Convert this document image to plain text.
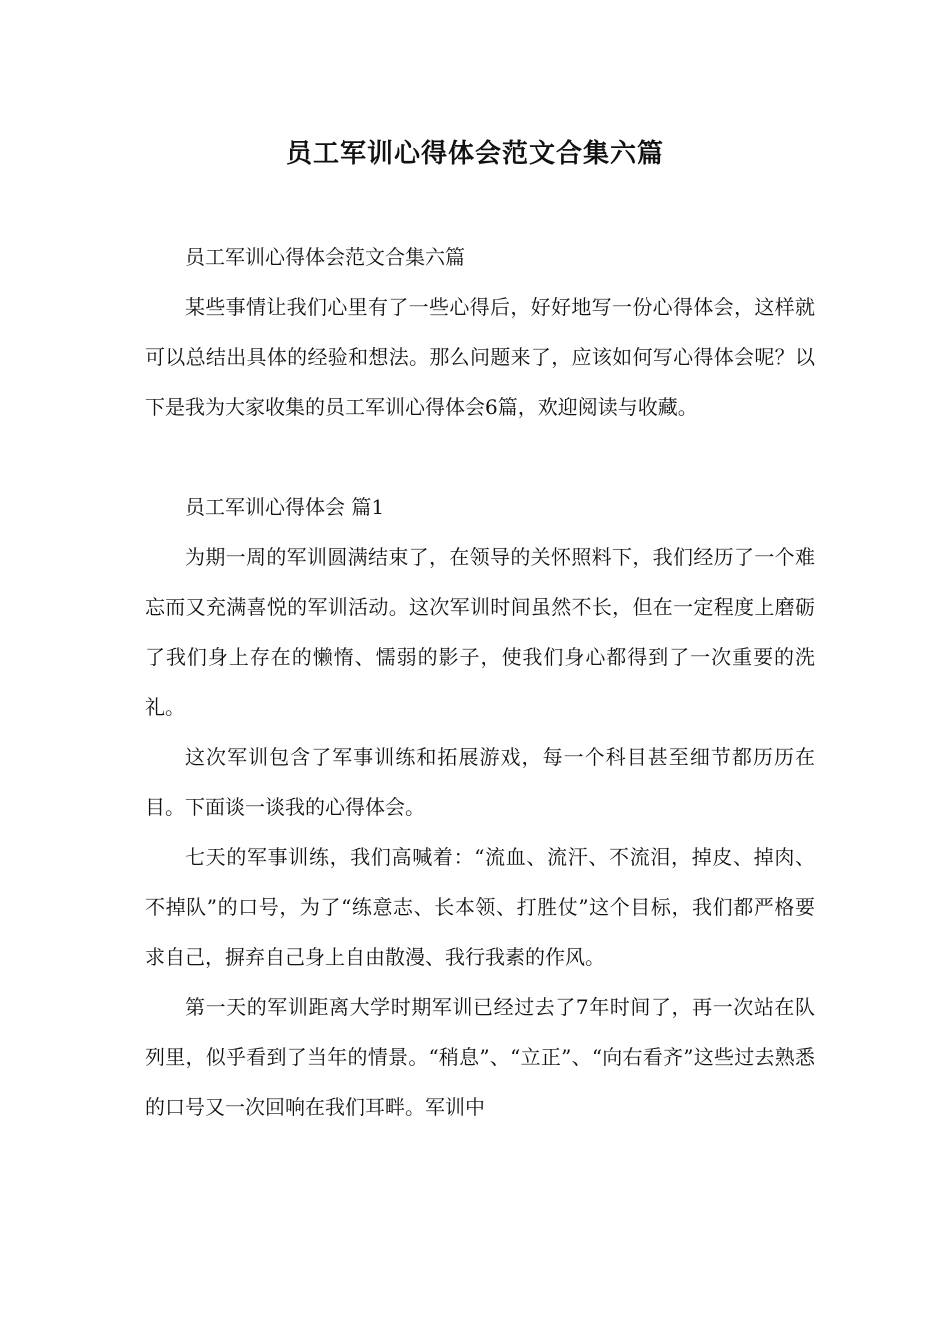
员工军训心得体会范文合集六篇

员工军训心得体会范文合集六篇

某些事情让我们心里有了一些心得后，好好地写一份心得体会，这样就可以总结出具体的经验和想法。那么问题来了，应该如何写心得体会呢？以下是我为大家收集的员工军训心得体会6篇，欢迎阅读与收藏。

员工军训心得体会 篇1

为期一周的军训圆满结束了，在领导的关怀照料下，我们经历了一个难忘而又充满喜悦的军训活动。这次军训时间虽然不长，但在一定程度上磨砺了我们身上存在的懒惰、懦弱的影子，使我们身心都得到了一次重要的洗礼。

这次军训包含了军事训练和拓展游戏，每一个科目甚至细节都历历在目。下面谈一谈我的心得体会。

七天的军事训练，我们高喊着：“流血、流汗、不流泪，掉皮、掉肉、不掉队”的口号，为了“练意志、长本领、打胜仗”这个目标，我们都严格要求自己，摒弃自己身上自由散漫、我行我素的作风。

第一天的军训距离大学时期军训已经过去了7年时间了，再一次站在队列里，似乎看到了当年的情景。“稍息”、“立正”、“向右看齐”这些过去熟悉的口号又一次回响在我们耳畔。军训中
